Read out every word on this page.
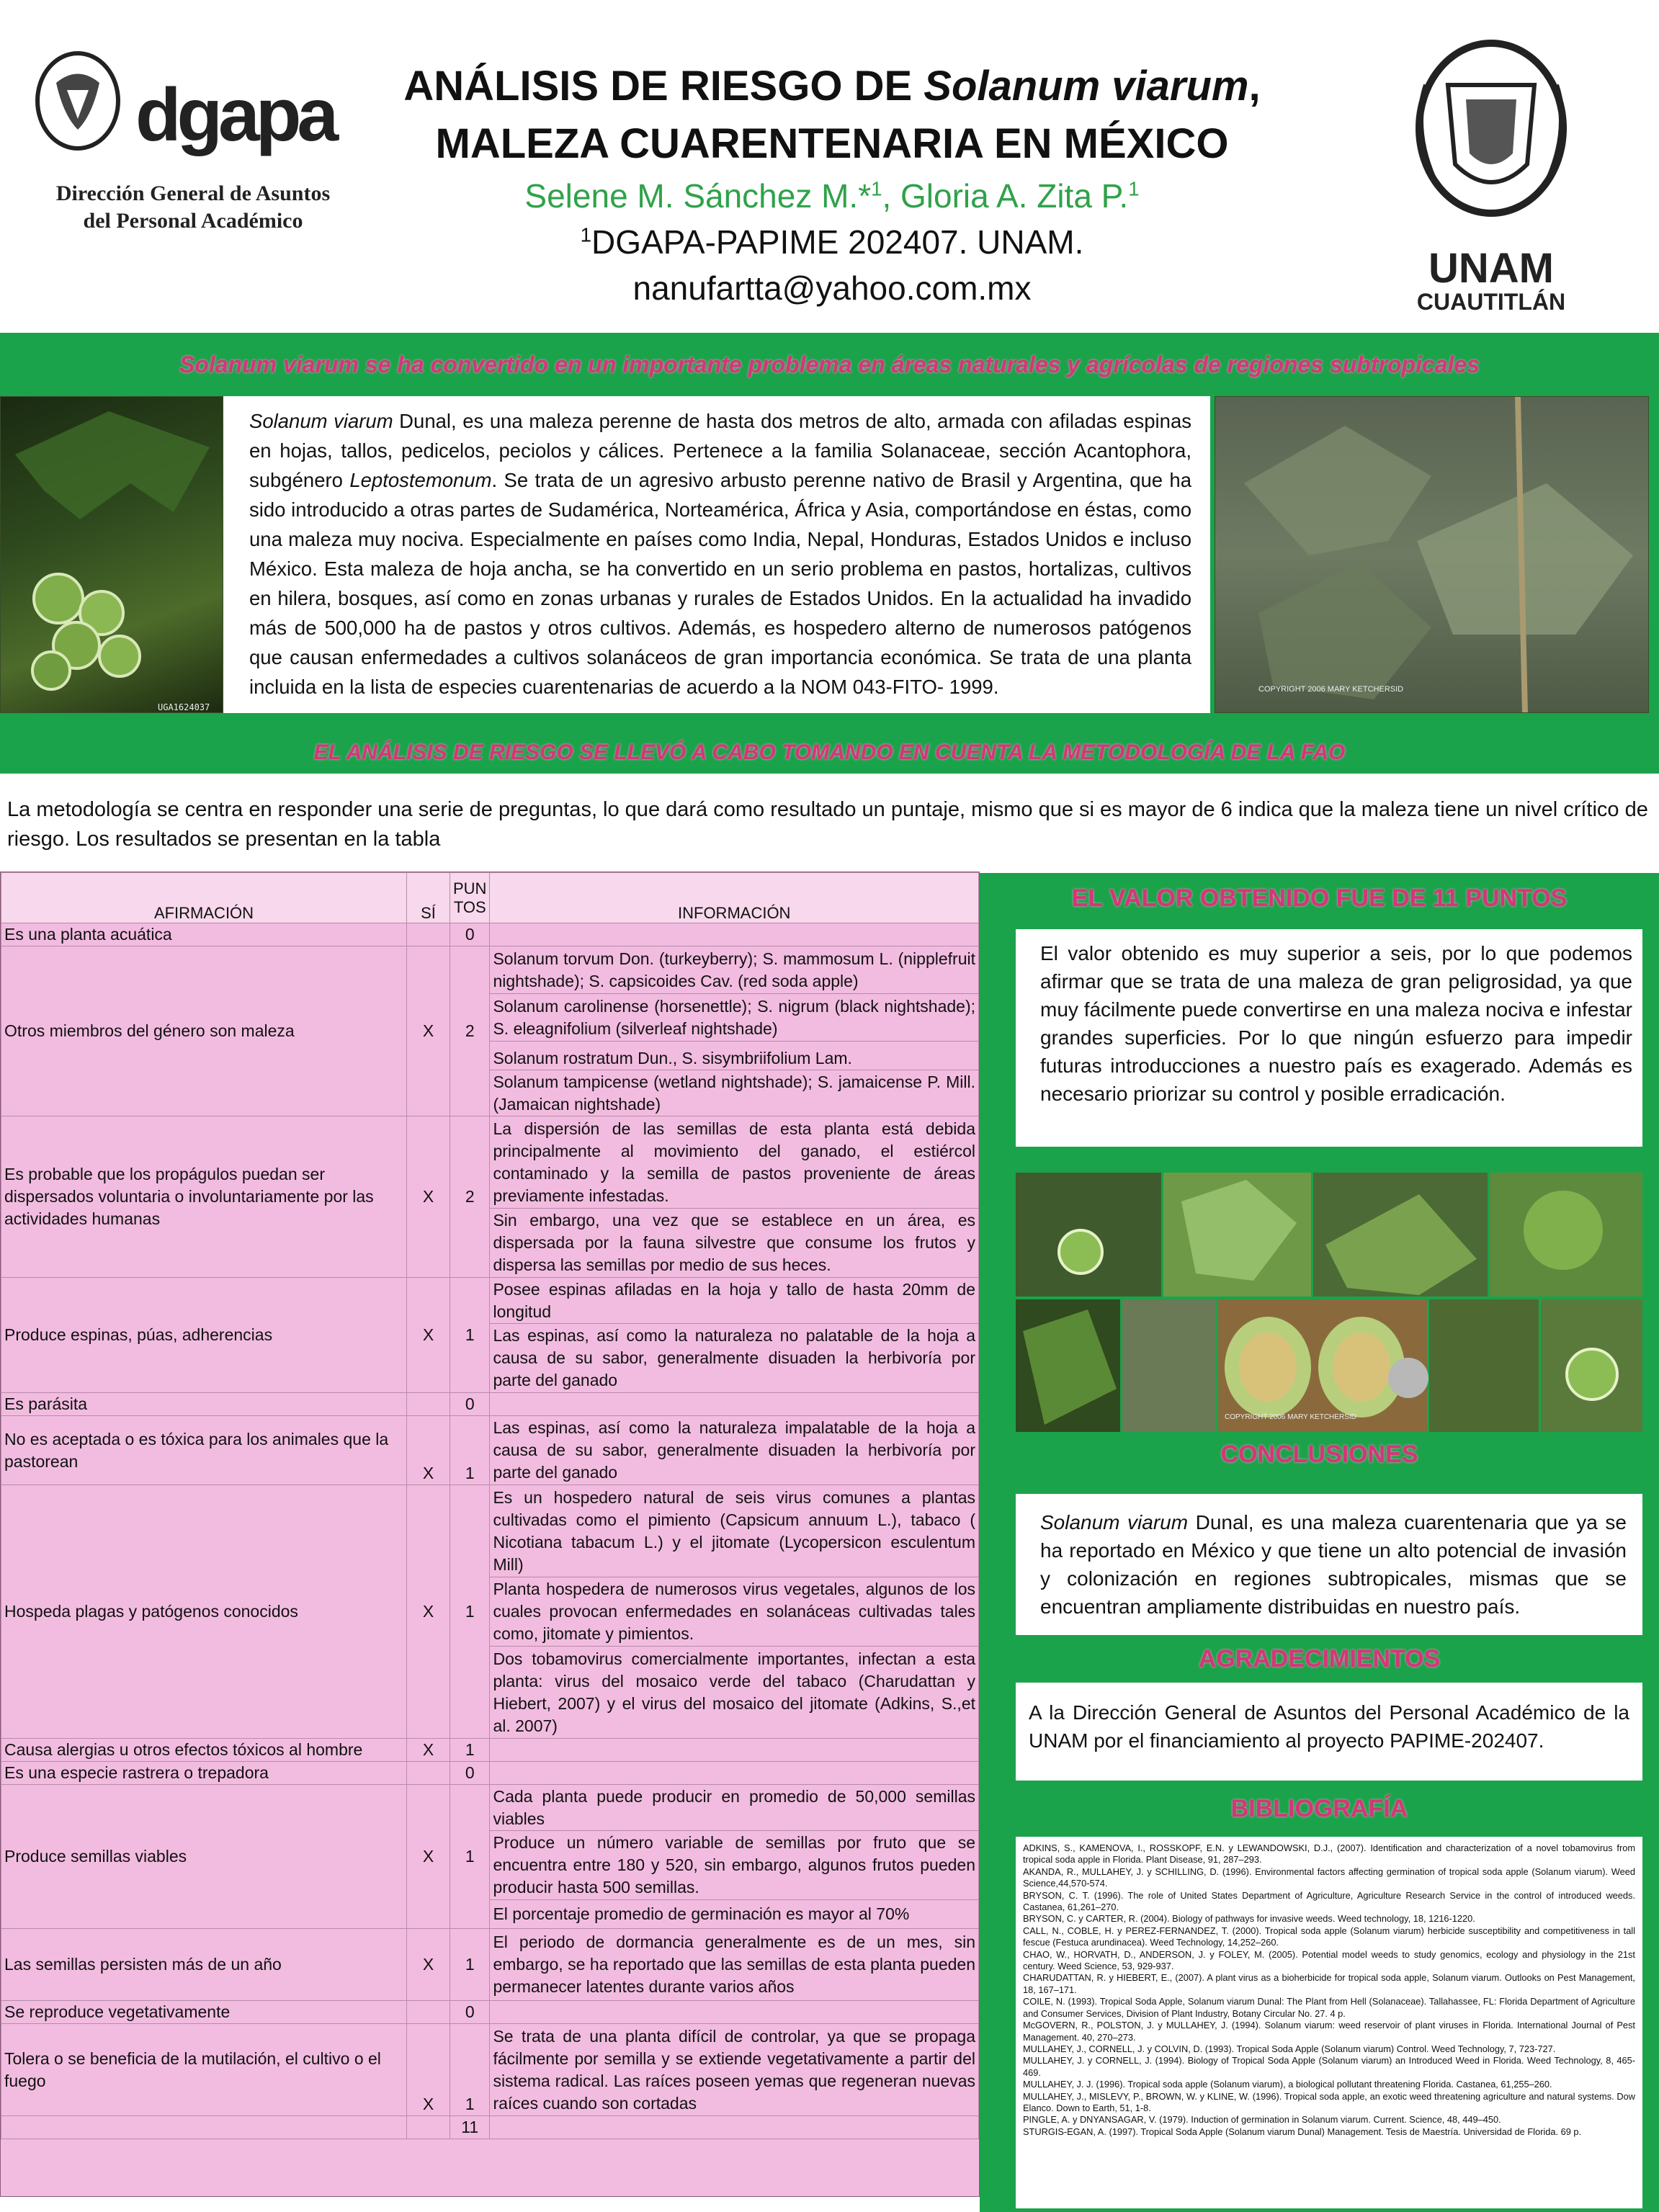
dgapa
Dirección General de Asuntos
del Personal Académico
ANÁLISIS DE RIESGO DE Solanum viarum,
MALEZA CUARENTENARIA EN MÉXICO
Selene M. Sánchez M.*$^1$, Gloria A. Zita P.$^1$
$^1$DGAPA-PAPIME 202407. UNAM.
nanufartta@yahoo.com.mx	UNAM
CUAUTITLÁN
Solanum viarum se ha convertido en un importante problema en áreas naturales y agrícolas de regiones subtropicales
UGA1624037
Solanum viarum Dunal, es una maleza perenne de hasta dos metros de alto, armada con afiladas espinas en hojas, tallos, pedicelos, peciolos y cálices. Pertenece a la familia Solanaceae, sección Acantophora, subgénero Leptostemonum. Se trata de un agresivo arbusto perenne nativo de Brasil y Argentina, que ha sido introducido a otras partes de Sudamérica, Norteamérica, África y Asia, comportándose en éstas, como una maleza muy nociva. Especialmente en países como India, Nepal, Honduras, Estados Unidos e incluso México. Esta maleza de hoja ancha, se ha convertido en un serio problema en pastos, hortalizas, cultivos en hilera, bosques, así como en zonas urbanas y rurales de Estados Unidos. En la actualidad ha invadido más de 500,000 ha de pastos y otros cultivos. Además, es hospedero alterno de numerosos patógenos que causan enfermedades a cultivos solanáceos de gran importancia económica. Se trata de una planta incluida en la lista de especies cuarentenarias de acuerdo a la NOM 043-FITO- 1999.	COPYRIGHT 2006 MARY KETCHERSID
EL ANÁLISIS DE RIESGO SE LLEVÓ A CABO TOMANDO EN CUENTA LA METODOLOGÍA DE LA FAO
La metodología se centra en responder una serie de preguntas, lo que dará como resultado un puntaje, mismo que si es mayor de 6 indica que la maleza tiene un nivel crítico de riesgo. Los resultados se presentan en la tabla
AFIRMACIÓN	SÍ	PUN
TOS	INFORMACIÓN
Es una planta acuática		0	
Otros miembros del género son maleza	X	2	Solanum torvum Don. (turkeyberry); S. mammosum L. (nipplefruit nightshade); S. capsicoides Cav. (red soda apple)
			Solanum carolinense (horsenettle); S. nigrum (black nightshade); S. eleagnifolium (silverleaf nightshade)
			Solanum rostratum Dun., S. sisymbriifolium Lam.
			Solanum tampicense (wetland nightshade); S. jamaicense P. Mill. (Jamaican nightshade)
Es probable que los propágulos puedan ser dispersados voluntaria o involuntariamente por las actividades humanas	X	2	La dispersión de las semillas de esta planta está debida principalmente al movimiento del ganado, el estiércol contaminado y la semilla de pastos proveniente de áreas previamente infestadas.
			Sin embargo, una vez que se establece en un área, es dispersada por la fauna silvestre que consume los frutos y dispersa las semillas por medio de sus heces.
Produce espinas, púas, adherencias	X	1	Posee espinas afiladas en la hoja y tallo de hasta 20mm de longitud
			Las espinas, así como la naturaleza no palatable de la hoja a causa de su sabor, generalmente disuaden la herbivoría por parte del ganado
Es parásita		0	
No es aceptada o es tóxica para los animales que la pastorean	X	1	Las espinas, así como la naturaleza impalatable de la hoja a causa de su sabor, generalmente disuaden la herbivoría por parte del ganado
Hospeda plagas y patógenos conocidos	X	1	Es un hospedero natural de seis virus comunes a plantas cultivadas como el pimiento (Capsicum annuum L.), tabaco ( Nicotiana tabacum L.) y el jitomate (Lycopersicon esculentum Mill)
			Planta hospedera de numerosos virus vegetales, algunos de los cuales provocan enfermedades en solanáceas cultivadas tales como, jitomate y pimientos.
			Dos tobamovirus comercialmente importantes, infectan a esta planta: virus del mosaico verde del tabaco (Charudattan y Hiebert, 2007) y el virus del mosaico del jitomate (Adkins, S.,et al. 2007)
Causa alergias u otros efectos tóxicos al hombre	X	1	
Es una especie rastrera o trepadora		0	
Produce semillas viables	X	1	Cada planta puede producir en promedio de 50,000 semillas viables
			Produce un número variable de semillas por fruto que se encuentra entre 180 y 520, sin embargo, algunos frutos pueden producir hasta 500 semillas.
			El porcentaje promedio de germinación es mayor al 70%
Las semillas persisten más de un año	X	1	El periodo de dormancia generalmente es de un mes, sin embargo, se ha reportado que las semillas de esta planta pueden permanecer latentes durante varios años
Se reproduce vegetativamente		0	
Tolera o se beneficia de la mutilación, el cultivo o el fuego	X	1	Se trata de una planta difícil de controlar, ya que se propaga fácilmente por semilla y se extiende vegetativamente a partir del sistema radical. Las raíces poseen yemas que regeneran nuevas raíces cuando son cortadas
		11	
EL VALOR OBTENIDO FUE DE 11 PUNTOS
El valor obtenido es muy superior a seis, por lo que podemos afirmar que se trata de una maleza de gran peligrosidad, ya que muy fácilmente puede convertirse en una maleza nociva e infestar grandes superficies. Por lo que ningún esfuerzo para impedir futuras introducciones a nuestro país es exagerado. Además es necesario priorizar su control y posible erradicación.
COPYRIGHT 2006 MARY KETCHERSID
CONCLUSIONES
Solanum viarum Dunal, es una maleza cuarentenaria que ya se ha reportado en México y que tiene un alto potencial de invasión y colonización en regiones subtropicales, mismas que se encuentran ampliamente distribuidas en nuestro país.
AGRADECIMIENTOS
A la Dirección General de Asuntos del Personal Académico de la UNAM por el financiamiento al proyecto PAPIME-202407.
BIBLIOGRAFÍA
ADKINS, S., KAMENOVA, I., ROSSKOPF, E.N. y LEWANDOWSKI, D.J., (2007). Identification and characterization of a novel tobamovirus from tropical soda apple in Florida. Plant Disease, 91, 287–293.
AKANDA, R., MULLAHEY, J. y SCHILLING, D. (1996). Environmental factors affecting germination of tropical soda apple (Solanum viarum). Weed Science,44,570-574.
BRYSON, C. T. (1996). The role of United States Department of Agriculture, Agriculture Research Service in the control of introduced weeds. Castanea, 61,261–270.
BRYSON, C. y CARTER, R. (2004). Biology of pathways for invasive weeds. Weed technology, 18, 1216-1220.
CALL, N., COBLE, H. y PEREZ-FERNANDEZ, T. (2000). Tropical soda apple (Solanum viarum) herbicide susceptibility and competitiveness in tall fescue (Festuca arundinacea). Weed Technology, 14,252–260.
CHAO, W., HORVATH, D., ANDERSON, J. y FOLEY, M. (2005). Potential model weeds to study genomics, ecology and physiology in the 21st century. Weed Science, 53, 929-937.
CHARUDATTAN, R. y HIEBERT, E., (2007). A plant virus as a bioherbicide for tropical soda apple, Solanum viarum. Outlooks on Pest Management, 18, 167–171.
COILE, N. (1993). Tropical Soda Apple, Solanum viarum Dunal: The Plant from Hell (Solanaceae). Tallahassee, FL: Florida Department of Agriculture and Consumer Services, Division of Plant Industry, Botany Circular No. 27. 4 p.
McGOVERN, R., POLSTON, J. y MULLAHEY, J. (1994). Solanum viarum: weed reservoir of plant viruses in Florida. International Journal of Pest Management. 40, 270–273.
MULLAHEY, J., CORNELL, J. y COLVIN, D. (1993). Tropical Soda Apple (Solanum viarum) Control. Weed Technology, 7, 723-727.
MULLAHEY, J. y CORNELL, J. (1994). Biology of Tropical Soda Apple (Solanum viarum) an Introduced Weed in Florida. Weed Technology, 8, 465-469.
MULLAHEY, J. J. (1996). Tropical soda apple (Solanum viarum), a biological pollutant threatening Florida. Castanea, 61,255–260.
MULLAHEY, J., MISLEVY, P., BROWN, W. y KLINE, W. (1996). Tropical soda apple, an exotic weed threatening agriculture and natural systems. Dow Elanco. Down to Earth, 51, 1-8.
PINGLE, A. y DNYANSAGAR, V. (1979). Induction of germination in Solanum viarum. Current. Science, 48, 449–450.
STURGIS-EGAN, A. (1997). Tropical Soda Apple (Solanum viarum Dunal) Management. Tesis de Maestría. Universidad de Florida. 69 p.
